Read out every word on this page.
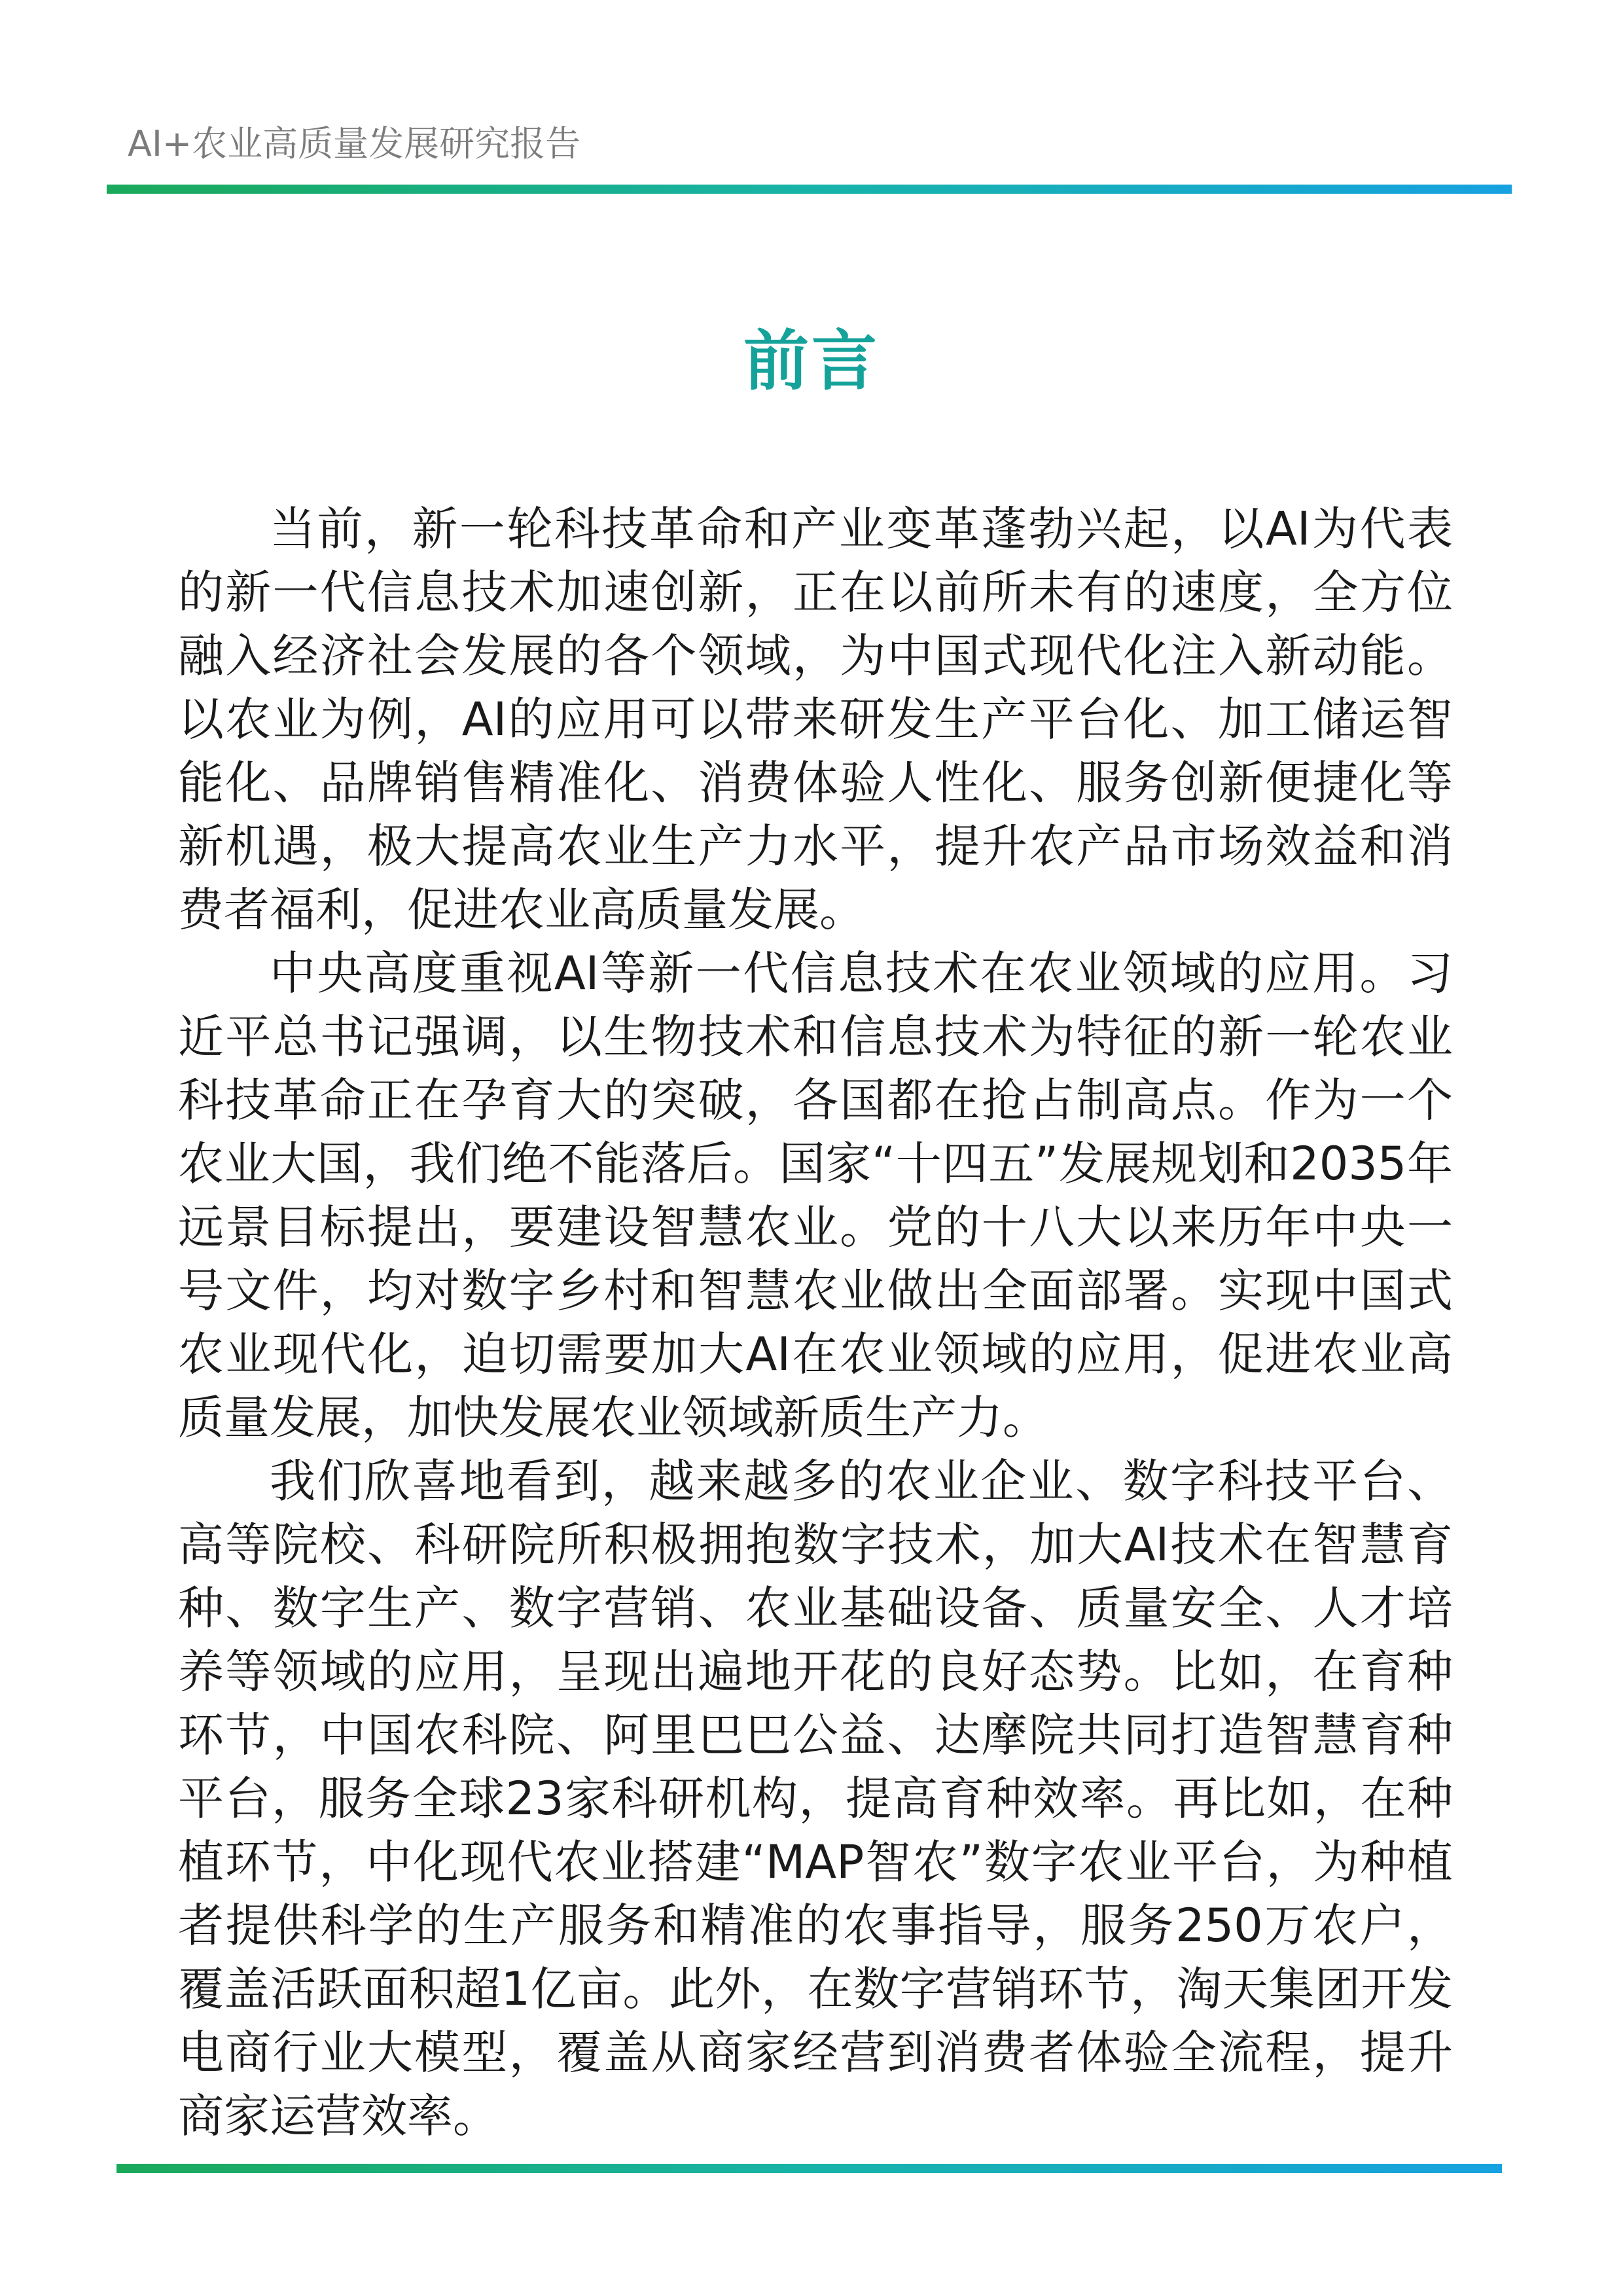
AI+农业高质量发展研究报告
前言

当前，新一轮科技革命和产业变革蓬勃兴起，以AI为代表的新一代信息技术加速创新，正在以前所未有的速度，全方位融入经济社会发展的各个领域，为中国式现代化注入新动能。以农业为例，AI的应用可以带来研发生产平台化、加工储运智能化、品牌销售精准化、消费体验人性化、服务创新便捷化等新机遇，极大提高农业生产力水平，提升农产品市场效益和消费者福利，促进农业高质量发展。

中央高度重视AI等新一代信息技术在农业领域的应用。习近平总书记强调，以生物技术和信息技术为特征的新一轮农业科技革命正在孕育大的突破，各国都在抢占制高点。作为一个农业大国，我们绝不能落后。国家“十四五”发展规划和2035年远景目标提出，要建设智慧农业。党的十八大以来历年中央一号文件，均对数字乡村和智慧农业做出全面部署。实现中国式农业现代化，迫切需要加大AI在农业领域的应用，促进农业高质量发展，加快发展农业领域新质生产力。

我们欣喜地看到，越来越多的农业企业、数字科技平台、高等院校、科研院所积极拥抱数字技术，加大AI技术在智慧育种、数字生产、数字营销、农业基础设备、质量安全、人才培养等领域的应用，呈现出遍地开花的良好态势。比如，在育种环节，中国农科院、阿里巴巴公益、达摩院共同打造智慧育种平台，服务全球23家科研机构，提高育种效率。再比如，在种植环节，中化现代农业搭建“MAP智农”数字农业平台，为种植者提供科学的生产服务和精准的农事指导，服务250万农户，覆盖活跃面积超1亿亩。此外，在数字营销环节，淘天集团开发电商行业大模型，覆盖从商家经营到消费者体验全流程，提升商家运营效率。
